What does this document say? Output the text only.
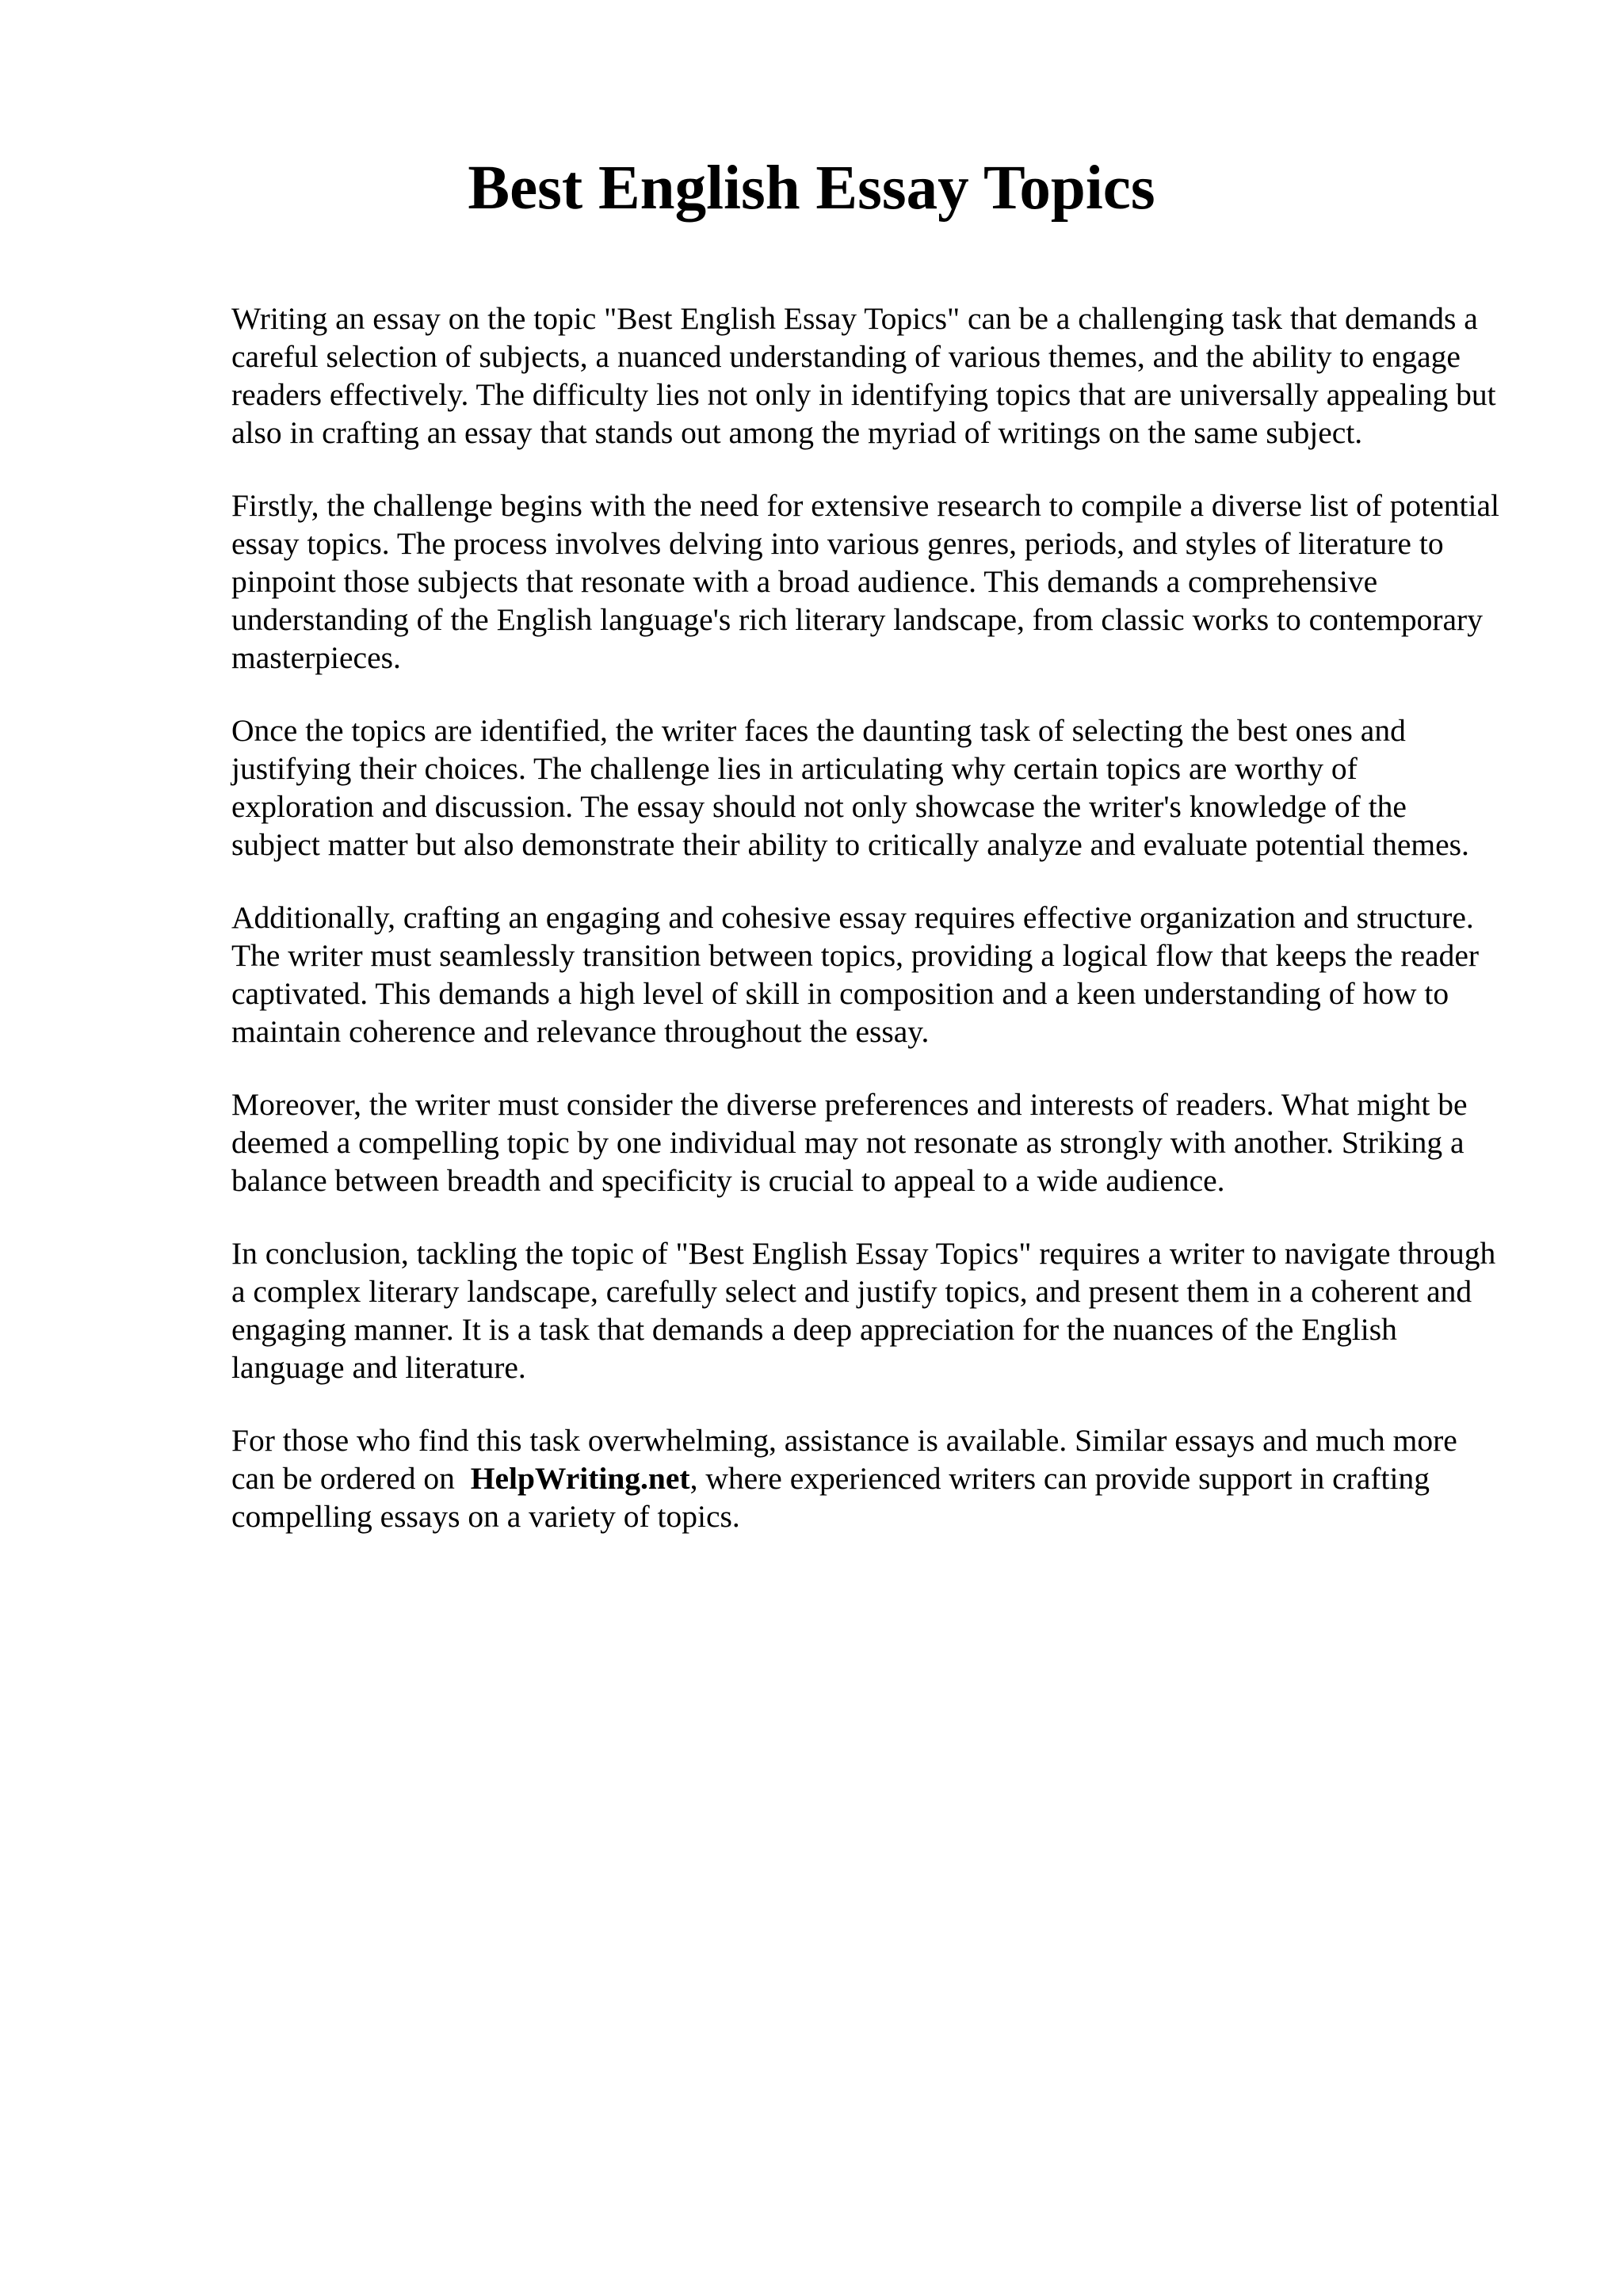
Best English Essay Topics

Writing an essay on the topic "Best English Essay Topics" can be a challenging task that demands a careful selection of subjects, a nuanced understanding of various themes, and the ability to engage readers effectively. The difficulty lies not only in identifying topics that are universally appealing but also in crafting an essay that stands out among the myriad of writings on the same subject.

Firstly, the challenge begins with the need for extensive research to compile a diverse list of potential essay topics. The process involves delving into various genres, periods, and styles of literature to pinpoint those subjects that resonate with a broad audience. This demands a comprehensive understanding of the English language's rich literary landscape, from classic works to contemporary masterpieces.

Once the topics are identified, the writer faces the daunting task of selecting the best ones and justifying their choices. The challenge lies in articulating why certain topics are worthy of exploration and discussion. The essay should not only showcase the writer's knowledge of the subject matter but also demonstrate their ability to critically analyze and evaluate potential themes.

Additionally, crafting an engaging and cohesive essay requires effective organization and structure. The writer must seamlessly transition between topics, providing a logical flow that keeps the reader captivated. This demands a high level of skill in composition and a keen understanding of how to maintain coherence and relevance throughout the essay.

Moreover, the writer must consider the diverse preferences and interests of readers. What might be deemed a compelling topic by one individual may not resonate as strongly with another. Striking a balance between breadth and specificity is crucial to appeal to a wide audience.

In conclusion, tackling the topic of "Best English Essay Topics" requires a writer to navigate through a complex literary landscape, carefully select and justify topics, and present them in a coherent and engaging manner. It is a task that demands a deep appreciation for the nuances of the English language and literature.

For those who find this task overwhelming, assistance is available. Similar essays and much more can be ordered on HelpWriting.net, where experienced writers can provide support in crafting compelling essays on a variety of topics.
